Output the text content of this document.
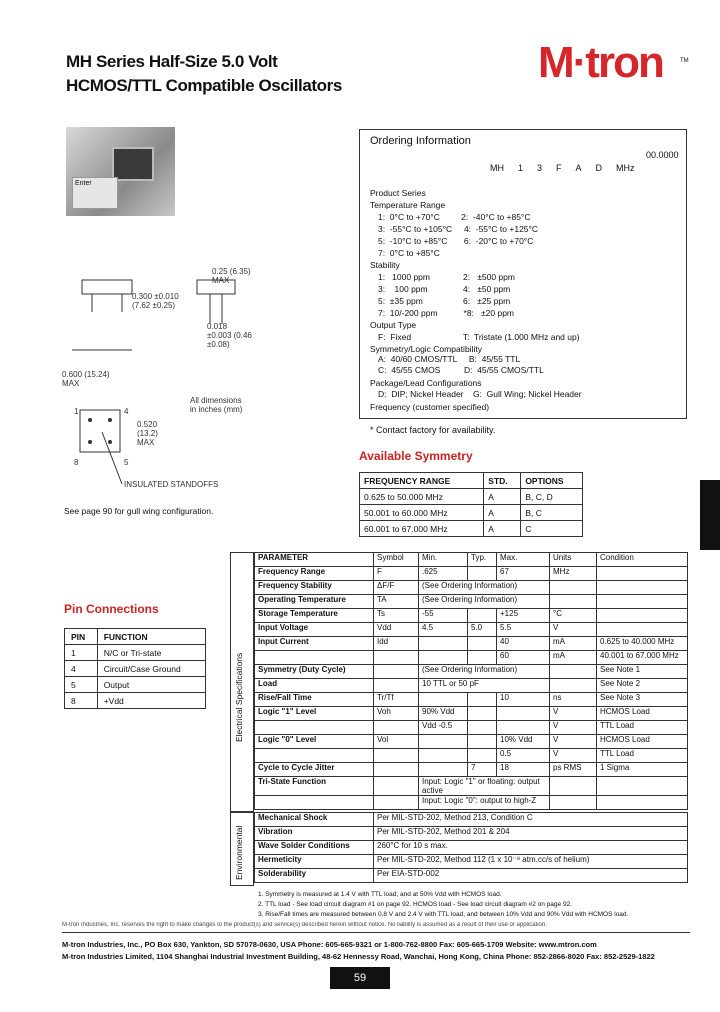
MH Series Half-Size 5.0 Volt
HCMOS/TTL Compatible Oscillators	M·tron	TM
Enter
0.25 (6.35) MAX
0.300 ±0.010 (7.62 ±0.25)
0.018 ±0.003 (0.46 ±0.08)
0.600 (15.24) MAX
0.520 (13.2) MAX
All dimensions in inches (mm)
1	4
5
8
INSULATED STANDOFFS
See page 90 for gull wing configuration.
Ordering Information
00.0000
MH 1 3 F A D MHz
Product Series
Temperature Range
1:  0°C to +70°C         2:  -40°C to +85°C
3:  -55°C to +105°C     4:  -55°C to +125°C
5:  -10°C to +85°C       6:  -20°C to +70°C
7:  0°C to +85°C
Stability
1:   1000 ppm              2:   ±500 ppm
3:    100 ppm               4:   ±50 ppm
5:  ±35 ppm                 6:   ±25 ppm
7:  10/-200 ppm           *8:   ±20 ppm
Output Type
F:  Fixed                      T:  Tristate (1.000 MHz and up)
Symmetry/Logic Compatibility
A:  40/60 CMOS/TTL     B:  45/55 TTL
C:  45/55 CMOS          D:  45/55 CMOS/TTL
Package/Lead Configurations
D:  DIP; Nickel Header    G:  Gull Wing; Nickel Header
Frequency (customer specified)
* Contact factory for availability.
Available Symmetry
FREQUENCY RANGE	STD.	OPTIONS
0.625 to 50.000 MHz	A	B, C, D
50.001 to 60.000 MHz	A	B, C
60.001 to 67.000 MHz	A	C
Pin Connections
PIN	FUNCTION
1	N/C or Tri-state
4	Circuit/Case Ground
5	Output
8	+Vdd	Electrical Specifications
Environmental
PARAMETER	Symbol	Min.	Typ.	Max.	Units	Condition
Frequency Range	F	.625		67	MHz	
Frequency Stability	ΔF/F	(See Ordering Information)				
Operating Temperature	TA	(See Ordering Information)				
Storage Temperature	Ts	-55		+125	°C	
Input Voltage	Vdd	4.5	5.0	5.5	V	
Input Current	Idd			40	mA	0.625 to 40.000 MHz
				60	mA	40.001 to 67.000 MHz
Symmetry (Duty Cycle)		(See Ordering Information)				See Note 1
Load		10 TTL or 50 pF				See Note 2
Rise/Fall Time	Tr/Tf			10	ns	See Note 3
Logic "1" Level	Voh	90% Vdd			V	HCMOS Load
		Vdd -0.5			V	TTL Load
Logic "0" Level	Vol			10% Vdd	V	HCMOS Load
				0.5	V	TTL Load
Cycle to Cycle Jitter			7	18	ps RMS	1 Sigma
Tri-State Function		Input: Logic "1" or floating: output active				
		Input: Logic "0": output to high-Z				
Mechanical Shock	Per MIL-STD-202, Method 213, Condition C
Vibration	Per MIL-STD-202, Method 201 & 204
Wave Solder Conditions	260°C for 10 s max.
Hermeticity	Per MIL-STD-202, Method 112 (1 x 10⁻⁸ atm.cc/s of helium)
Solderability	Per EIA-STD-002
1. Symmetry is measured at 1.4 V with TTL load, and at 50% Vdd with HCMOS load.
2. TTL load - See load circuit diagram #1 on page 92. HCMOS load - See load circuit diagram #2 on page 92.
3. Rise/Fall times are measured between 0.8 V and 2.4 V with TTL load, and between 10% Vdd and 90% Vdd with HCMOS load.
M-tron Industries, Inc. reserves the right to make changes to the product(s) and service(s) described herein without notice. No liability is assumed as a result of their use or application.
M-tron Industries, Inc., PO Box 630, Yankton, SD 57078-0630, USA Phone: 605-665-9321 or 1-800-762-8800 Fax: 605-665-1709 Website: www.mtron.com
M-tron Industries Limited, 1104 Shanghai Industrial Investment Building, 48-62 Hennessy Road, Wanchai, Hong Kong, China Phone: 852-2866-8020 Fax: 852-2529-1822
59
